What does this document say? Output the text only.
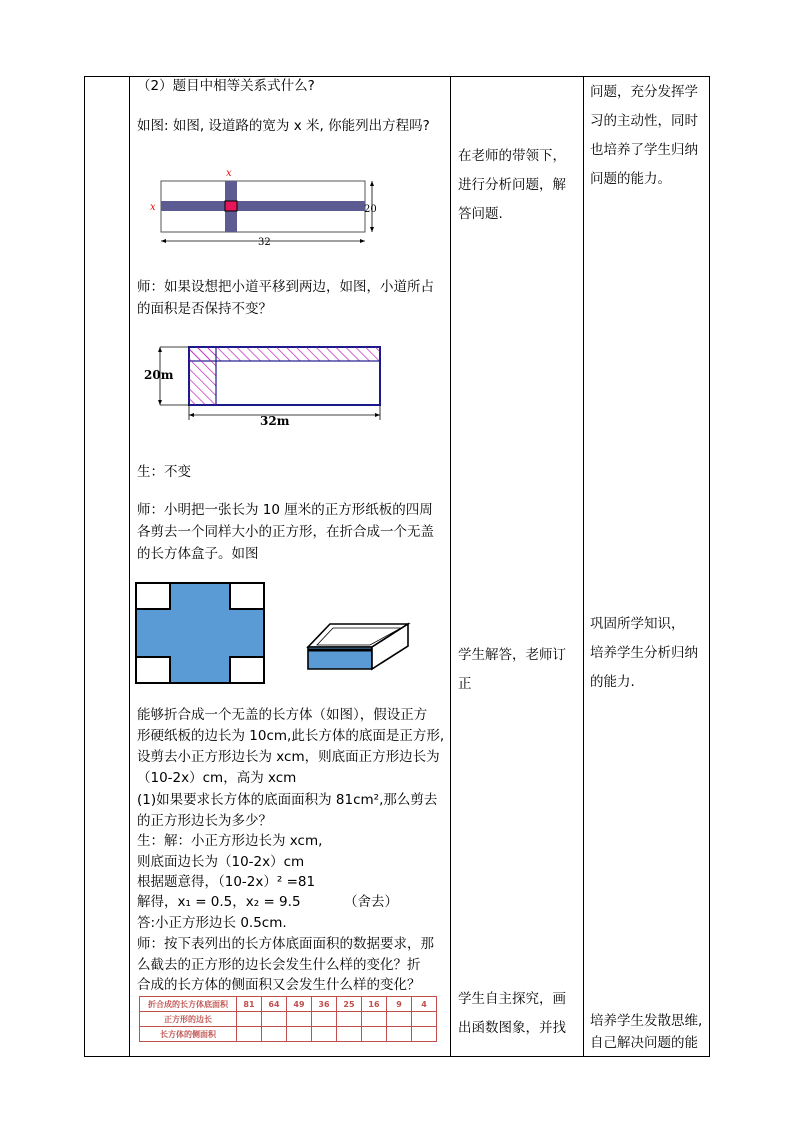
（2）题目中相等关系式什么?
如图: 如图, 设道路的宽为 x 米, 你能列出方程吗?
x
x	20
32
师：如果设想把小道平移到两边，如图，小道所占
的面积是否保持不变？
20m
32m
生：不变
师：小明把一张长为 10 厘米的正方形纸板的四周
各剪去一个同样大小的正方形，在折合成一个无盖
的长方体盒子。如图
能够折合成一个无盖的长方体（如图），假设正方
形硬纸板的边长为 10cm,此长方体的底面是正方形,
设剪去小正方形边长为 xcm，则底面正方形边长为
（10-2x）cm，高为 xcm
(1)如果要求长方体的底面面积为 81cm²,那么剪去
的正方形边长为多少？
生：解：小正方形边长为 xcm,
则底面边长为（10-2x）cm
根据题意得，（10-2x）² =81
解得，x₁ = 0.5，x₂ = 9.5	（舍去）
答:小正方形边长 0.5cm.
师：按下表列出的长方体底面面积的数据要求，那
么截去的正方形的边长会发生什么样的变化？折
合成的长方体的侧面积又会发生什么样的变化？
折合成的长方体底面积	81	64	49	36	25	16	9	4
正方形的边长								
长方体的侧面积								
在老师的带领下，
进行分析问题，解
答问题.
学生解答，老师订
正
学生自主探究，画
出函数图象，并找
问题，充分发挥学
习的主动性，同时
也培养了学生归纳
问题的能力。
巩固所学知识，
培养学生分析归纳
的能力.
培养学生发散思维,
自己解决问题的能
